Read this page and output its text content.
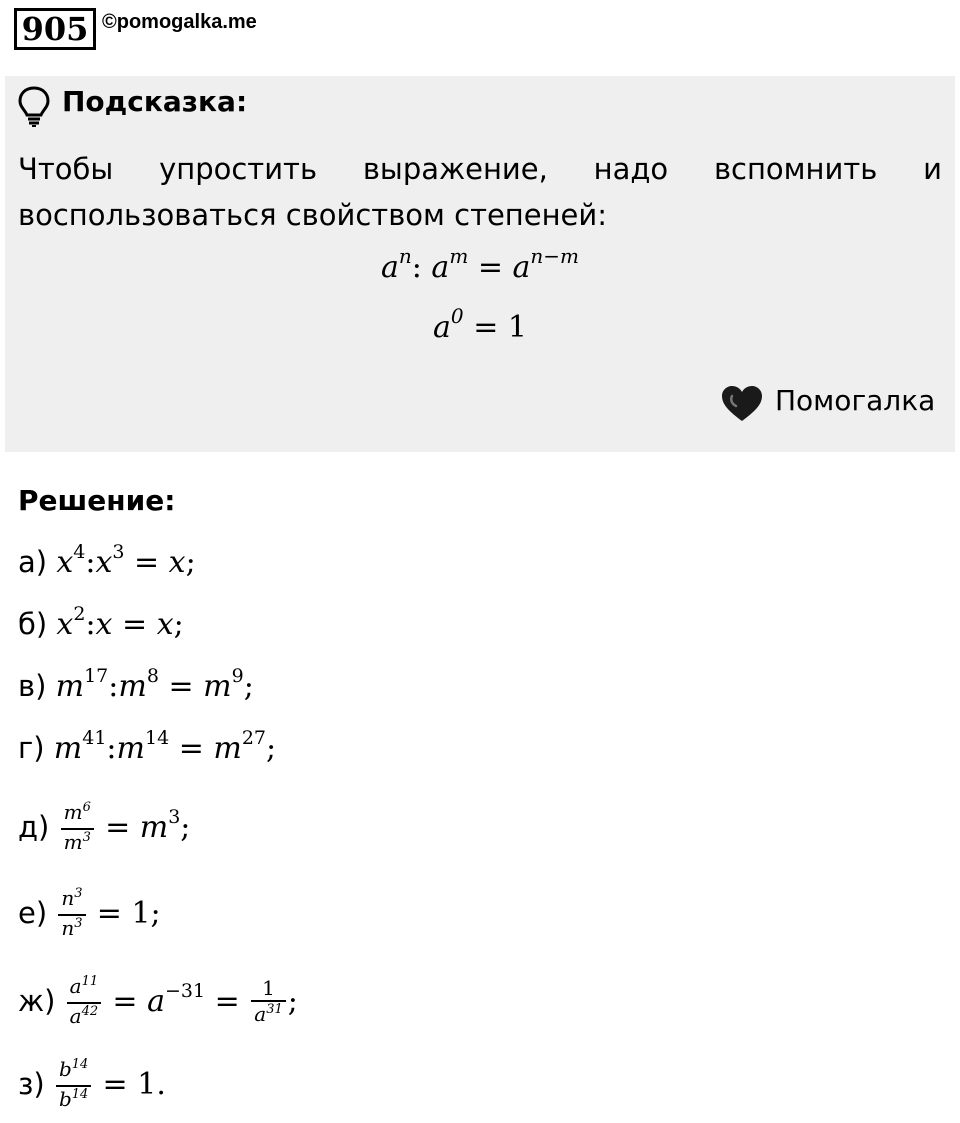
905 ©pomogalka.me
Подсказка:
Чтобы упростить выражение, надо вспомнить и воспользоваться свойством степеней:
$a^n$: $a^m = a^{n-m}$
$a^0 = 1$
Помогалка
Решение:
а) $x^4:x^3 = x$;
б) $x^2:x = x$;
в) $m^{17}:m^8 = m^9$;
г) $m^{41}:m^{14} = m^{27}$;
$д) \frac{m^6}{m^3} = m^3$;
$е) \frac{n^3}{n^3} = 1$;
$ж) \frac{a^{11}}{a^{42}} = a^{-31} = \frac{1}{a^{31}}$ ;
$з) \frac{b^{14}}{b^{14}} = 1$.
